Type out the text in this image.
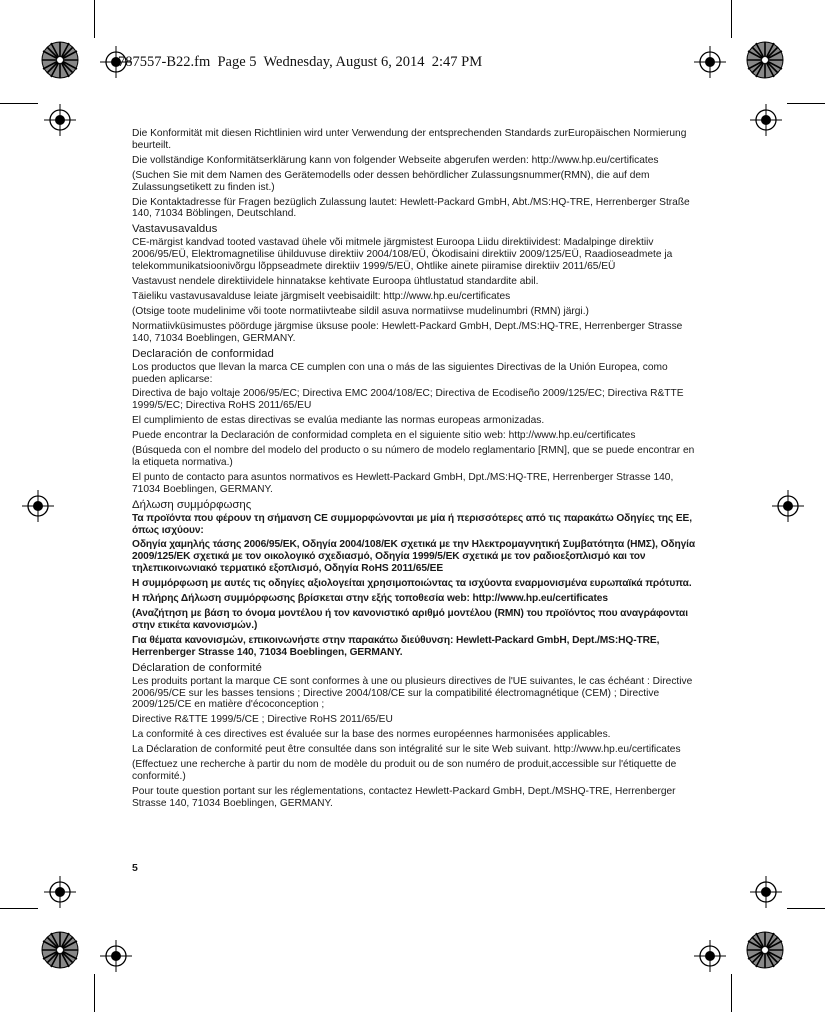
787557-B22.fm  Page 5  Wednesday, August 6, 2014  2:47 PM

Die Konformität mit diesen Richtlinien wird unter Verwendung der entsprechenden Standards zurEuropäischen Normierung beurteilt.

Die vollständige Konformitätserklärung kann von folgender Webseite abgerufen werden: http://www.hp.eu/certificates

(Suchen Sie mit dem Namen des Gerätemodells oder dessen behördlicher Zulassungsnummer(RMN), die auf dem Zulassungsetikett zu finden ist.)

Die Kontaktadresse für Fragen bezüglich Zulassung lautet: Hewlett-Packard GmbH, Abt./MS:HQ-TRE, Herrenberger Straße 140, 71034 Böblingen, Deutschland.

Vastavusavaldus

CE-märgist kandvad tooted vastavad ühele või mitmele järgmistest Euroopa Liidu direktiividest: Madalpinge direktiiv 2006/95/EÜ, Elektromagnetilise ühilduvuse direktiiv 2004/108/EÜ, Ökodisaini direktiiv 2009/125/EÜ, Raadioseadmete ja telekommunikatsioonivõrgu lõppseadmete direktiiv 1999/5/EÜ, Ohtlike ainete piiramise direktiiv 2011/65/EÜ

Vastavust nendele direktiividele hinnatakse kehtivate Euroopa ühtlustatud standardite abil.

Täieliku vastavusavalduse leiate järgmiselt veebisaidilt: http://www.hp.eu/certificates

(Otsige toote mudelinime või toote normatiivteabe sildil asuva normatiivse mudelinumbri (RMN) järgi.)

Normatiivküsimustes pöörduge järgmise üksuse poole: Hewlett-Packard GmbH, Dept./MS:HQ-TRE, Herrenberger Strasse 140, 71034 Boeblingen, GERMANY.

Declaración de conformidad

Los productos que llevan la marca CE cumplen con una o más de las siguientes Directivas de la Unión Europea, como pueden aplicarse:

Directiva de bajo voltaje 2006/95/EC; Directiva EMC 2004/108/EC; Directiva de Ecodiseño 2009/125/EC; Directiva R&TTE 1999/5/EC; Directiva RoHS 2011/65/EU

El cumplimiento de estas directivas se evalúa mediante las normas europeas armonizadas.

Puede encontrar la Declaración de conformidad completa en el siguiente sitio web: http://www.hp.eu/certificates

(Búsqueda con el nombre del modelo del producto o su número de modelo reglamentario [RMN], que se puede encontrar en la etiqueta normativa.)

El punto de contacto para asuntos normativos es Hewlett-Packard GmbH, Dpt./MS:HQ-TRE, Herrenberger Strasse 140, 71034 Boeblingen, GERMANY.

Δήλωση συμμόρφωσης

Τα προϊόντα που φέρουν τη σήμανση CE συμμορφώνονται με μία ή περισσότερες από τις παρακάτω Οδηγίες της ΕΕ, όπως ισχύουν:

Οδηγία χαμηλής τάσης 2006/95/ΕΚ, Οδηγία 2004/108/ΕΚ σχετικά με την Ηλεκτρομαγνητική Συμβατότητα (ΗΜΣ), Οδηγία 2009/125/ΕΚ σχετικά με τον οικολογικό σχεδιασμό, Οδηγία 1999/5/ΕΚ σχετικά με τον ραδιοεξοπλισμό και τον τηλεπικοινωνιακό τερματικό εξοπλισμό, Οδηγία RoHS 2011/65/ΕΕ

Η συμμόρφωση με αυτές τις οδηγίες αξιολογείται χρησιμοποιώντας τα ισχύοντα εναρμονισμένα ευρωπαϊκά πρότυπα.

Η πλήρης Δήλωση συμμόρφωσης βρίσκεται στην εξής τοποθεσία web: http://www.hp.eu/certificates

(Αναζήτηση με βάση το όνομα μοντέλου ή τον κανονιστικό αριθμό μοντέλου (RMN) του προϊόντος που αναγράφονται στην ετικέτα κανονισμών.)

Για θέματα κανονισμών, επικοινωνήστε στην παρακάτω διεύθυνση: Hewlett-Packard GmbH, Dept./MS:HQ-TRE, Herrenberger Strasse 140, 71034 Boeblingen, GERMANY.

Déclaration de conformité

Les produits portant la marque CE sont conformes à une ou plusieurs directives de l'UE suivantes, le cas échéant : Directive 2006/95/CE sur les basses tensions ; Directive 2004/108/CE sur la compatibilité électromagnétique (CEM) ; Directive 2009/125/CE en matière d'écoconception ;

Directive R&TTE 1999/5/CE ; Directive RoHS 2011/65/EU

La conformité à ces directives est évaluée sur la base des normes européennes harmonisées applicables.

La Déclaration de conformité peut être consultée dans son intégralité sur le site Web suivant. http://www.hp.eu/certificates

(Effectuez une recherche à partir du nom de modèle du produit ou de son numéro de produit,accessible sur l'étiquette de conformité.)

Pour toute question portant sur les réglementations, contactez Hewlett-Packard GmbH, Dept./MSHQ-TRE, Herrenberger Strasse 140, 71034 Boeblingen, GERMANY.

5
